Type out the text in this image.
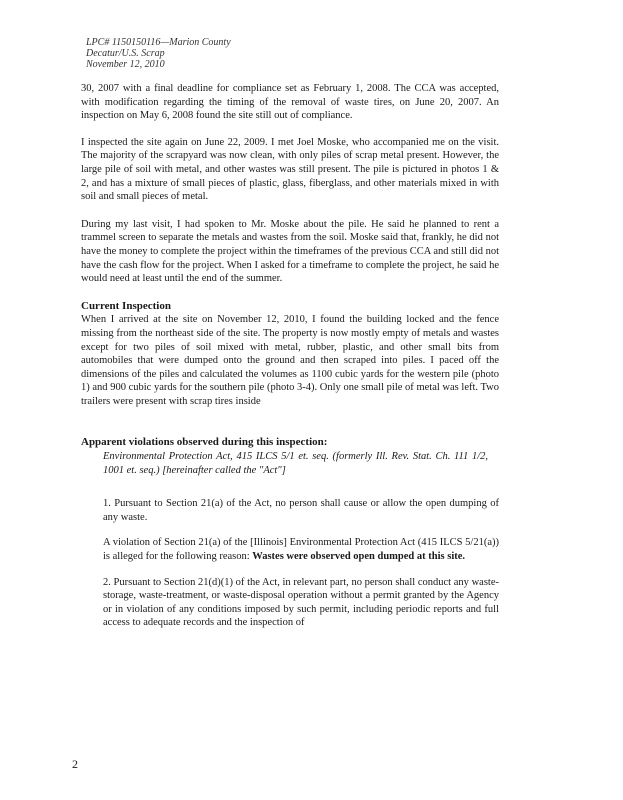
LPC# 1150150116—Marion County
Decatur/U.S. Scrap
November 12, 2010

30, 2007 with a final deadline for compliance set as February 1, 2008. The CCA was accepted, with modification regarding the timing of the removal of waste tires, on June 20, 2007. An inspection on May 6, 2008 found the site still out of compliance.

I inspected the site again on June 22, 2009. I met Joel Moske, who accompanied me on the visit. The majority of the scrapyard was now clean, with only piles of scrap metal present. However, the large pile of soil with metal, and other wastes was still present. The pile is pictured in photos 1 & 2, and has a mixture of small pieces of plastic, glass, fiberglass, and other materials mixed in with soil and small pieces of metal.

During my last visit, I had spoken to Mr. Moske about the pile. He said he planned to rent a trammel screen to separate the metals and wastes from the soil. Moske said that, frankly, he did not have the money to complete the project within the timeframes of the previous CCA and still did not have the cash flow for the project. When I asked for a timeframe to complete the project, he said he would need at least until the end of the summer.

Current Inspection

When I arrived at the site on November 12, 2010, I found the building locked and the fence missing from the northeast side of the site. The property is now mostly empty of metals and wastes except for two piles of soil mixed with metal, rubber, plastic, and other small bits from automobiles that were dumped onto the ground and then scraped into piles. I paced off the dimensions of the piles and calculated the volumes as 1100 cubic yards for the western pile (photo 1) and 900 cubic yards for the southern pile (photo 3-4). Only one small pile of metal was left. Two trailers were present with scrap tires inside

Apparent violations observed during this inspection:

Environmental Protection Act, 415 ILCS 5/1 et. seq. (formerly Ill. Rev. Stat. Ch. 111 1/2, 1001 et. seq.) [hereinafter called the "Act"]

1. Pursuant to Section 21(a) of the Act, no person shall cause or allow the open dumping of any waste.

A violation of Section 21(a) of the [Illinois] Environmental Protection Act (415 ILCS 5/21(a)) is alleged for the following reason: Wastes were observed open dumped at this site.

2. Pursuant to Section 21(d)(1) of the Act, in relevant part, no person shall conduct any waste-storage, waste-treatment, or waste-disposal operation without a permit granted by the Agency or in violation of any conditions imposed by such permit, including periodic reports and full access to adequate records and the inspection of

2
